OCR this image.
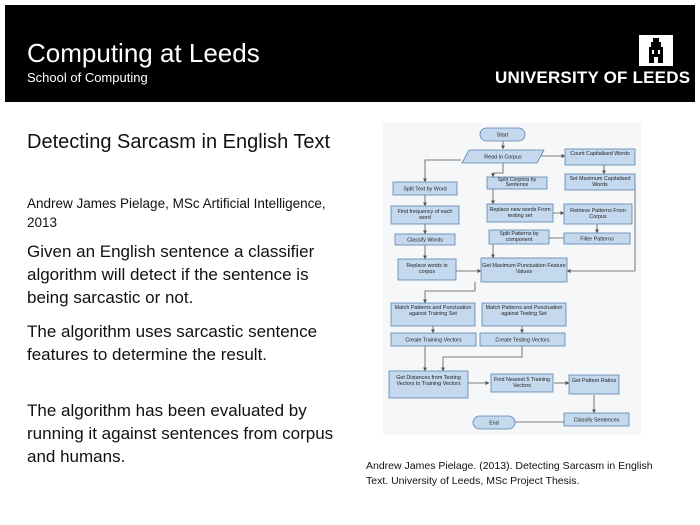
Computing at Leeds
School of Computing	UNIVERSITY OF LEEDS
Detecting Sarcasm in English Text
Andrew James Pielage, MSc Artificial Intelligence, 2013
Given an English sentence a classifier algorithm will detect if the sentence is being sarcastic or not.
The algorithm uses sarcastic sentence features to determine the result.
The algorithm has been evaluated by running it against sentences from corpus and humans.
Start
Read in Corpus
Count Capitalised Words
Set Maximum Capitalised Words
Split Text by Word
Split Corpora by Sentence
Find frequency of each word
Replace new words From testing set
Retrieve Patterns From Corpus
Classify Words
Split Patterns by component	Filter Patterns
Replace words in corpus
Get Maximum Punctuation Feature Values
Match Patterns and Punctuation against Training Set
Match Patterns and Punctuation against Testing Set
Create Training Vectors	Create Testing Vectors
Get Distances from Testing Vectors to Training Vectors
Find Nearest 5 Training Vectors
Get Pattern Ratios
End	Classify Sentences
Andrew James Pielage. (2013). Detecting Sarcasm in English Text. University of Leeds, MSc Project Thesis.
